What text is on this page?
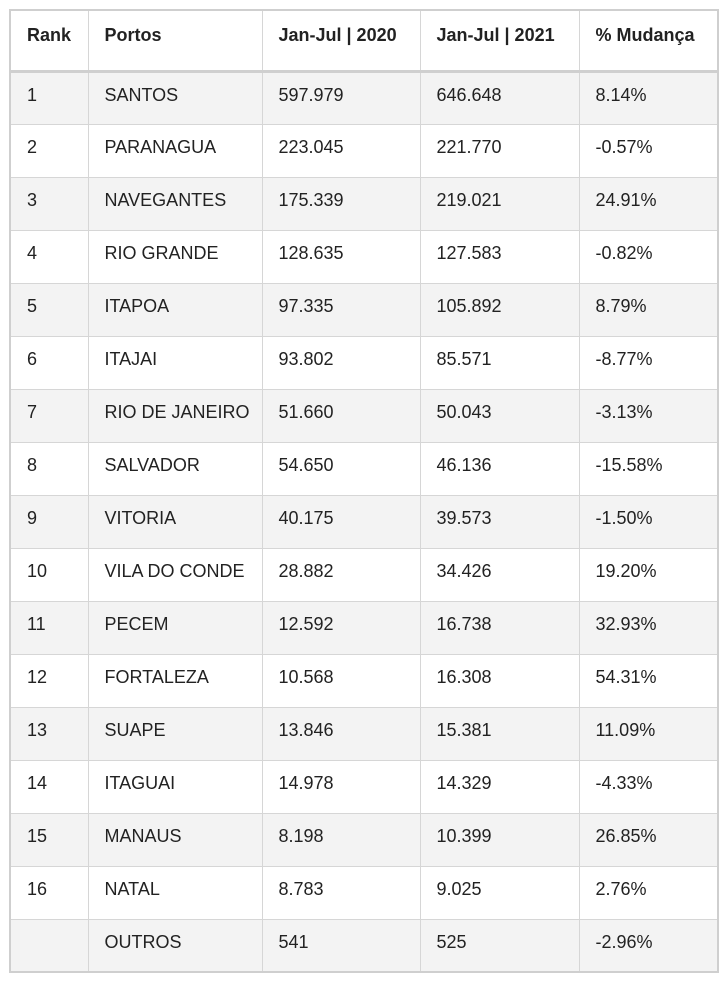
Rank	Portos	Jan-Jul | 2020	Jan-Jul | 2021	% Mudança
1	SANTOS	597.979	646.648	8.14%
2	PARANAGUA	223.045	221.770	-0.57%
3	NAVEGANTES	175.339	219.021	24.91%
4	RIO GRANDE	128.635	127.583	-0.82%
5	ITAPOA	97.335	105.892	8.79%
6	ITAJAI	93.802	85.571	-8.77%
7	RIO DE JANEIRO	51.660	50.043	-3.13%
8	SALVADOR	54.650	46.136	-15.58%
9	VITORIA	40.175	39.573	-1.50%
10	VILA DO CONDE	28.882	34.426	19.20%
11	PECEM	12.592	16.738	32.93%
12	FORTALEZA	10.568	16.308	54.31%
13	SUAPE	13.846	15.381	11.09%
14	ITAGUAI	14.978	14.329	-4.33%
15	MANAUS	8.198	10.399	26.85%
16	NATAL	8.783	9.025	2.76%
	OUTROS	541	525	-2.96%
